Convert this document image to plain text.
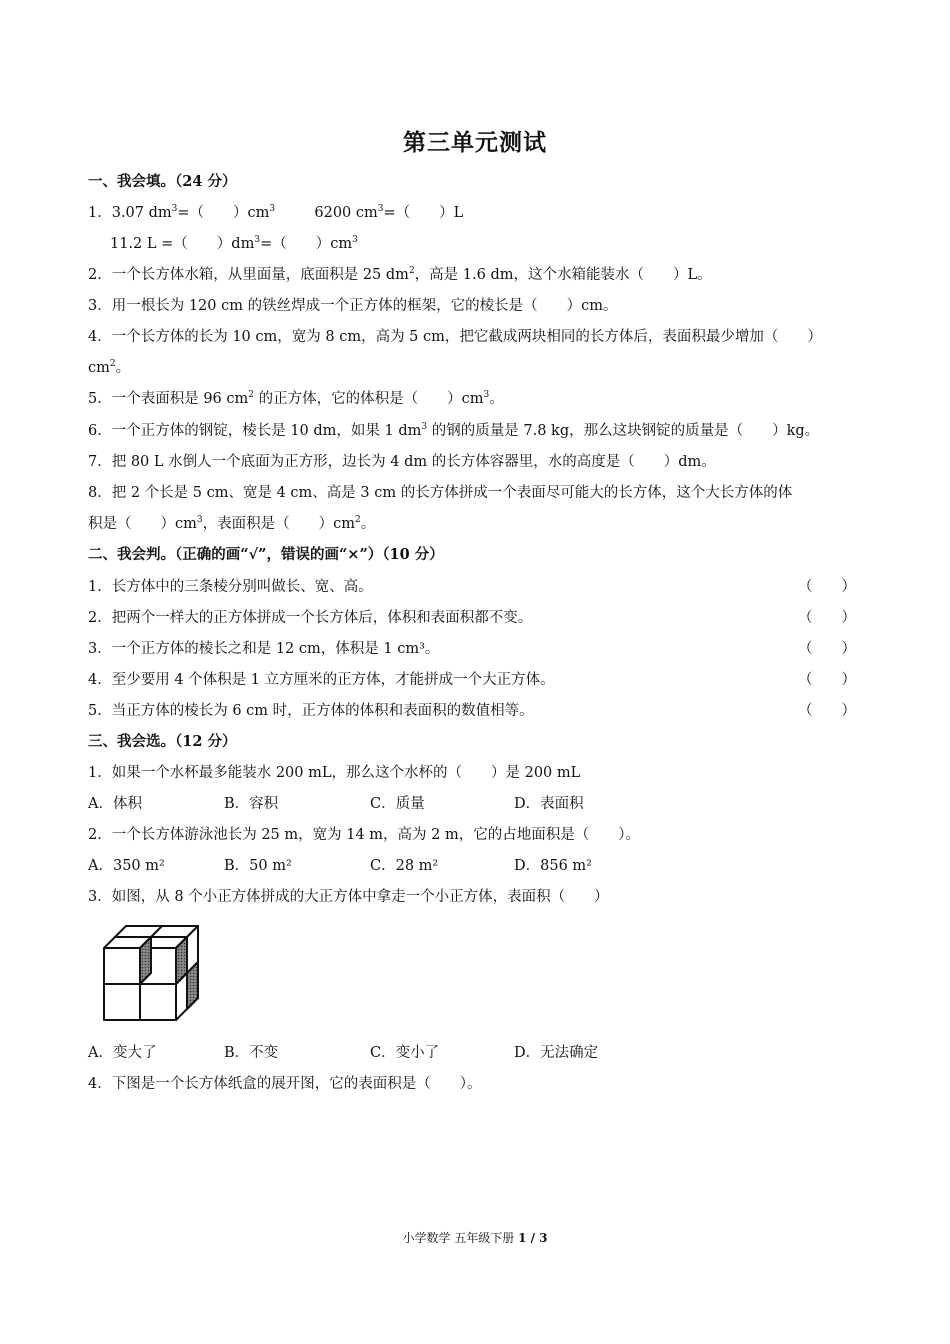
第三单元测试
一、我会填。（24 分）
1．3.07 $dm^3=$（　　）$cm^3$	6200 $cm^3=$（　　）L
11.2 L =（　　）$dm^3=$（　　）$cm^3$
2．一个长方体水箱，从里面量，底面积是 25 $dm^2$，高是 1.6 dm，这个水箱能装水（　　）L。
3．用一根长为 120 cm 的铁丝焊成一个正方体的框架，它的棱长是（　　）cm。
4．一个长方体的长为 10 cm，宽为 8 cm，高为 5 cm，把它截成两块相同的长方体后，表面积最少增加（　　）
$cm^2$。
5．一个表面积是 96 $cm^2$ 的正方体，它的体积是（　　）$cm^3$。
6．一个正方体的钢锭，棱长是 10 dm，如果 1 $dm^3$ 的钢的质量是 7.8 kg，那么这块钢锭的质量是（　　）kg。
7．把 80 L 水倒人一个底面为正方形，边长为 4 dm 的长方体容器里，水的高度是（　　）dm。
8．把 2 个长是 5 cm、宽是 4 cm、高是 3 cm 的长方体拼成一个表面尽可能大的长方体，这个大长方体的体
积是（　　）$cm^3$，表面积是（　　）$cm^2$。
二、我会判。（正确的画“√”，错误的画“×”）（10 分）
1．长方体中的三条棱分别叫做长、宽、高。	（　　）
2．把两个一样大的正方体拼成一个长方体后，体积和表面积都不变。	（　　）
3．一个正方体的棱长之和是 12 cm，体积是 1 cm³。	（　　）
4．至少要用 4 个体积是 1 立方厘米的正方体，才能拼成一个大正方体。	（　　）
5．当正方体的棱长为 6 cm 时，正方体的体积和表面积的数值相等。	（　　）
三、我会选。（12 分）
1．如果一个水杯最多能装水 200 mL，那么这个水杯的（　　）是 200 mL
A．体积	B．容积	C．质量	D．表面积
2．一个长方体游泳池长为 25 m，宽为 14 m，高为 2 m，它的占地面积是（　　）。
A．350 m²	B．50 m²	C．28 m²	D．856 m²
3．如图，从 8 个小正方体拼成的大正方体中拿走一个小正方体，表面积（　　）
A．变大了	B．不变	C．变小了	D．无法确定
4．下图是一个长方体纸盒的展开图，它的表面积是（　　）。
小学数学 五年级下册 1 / 3
